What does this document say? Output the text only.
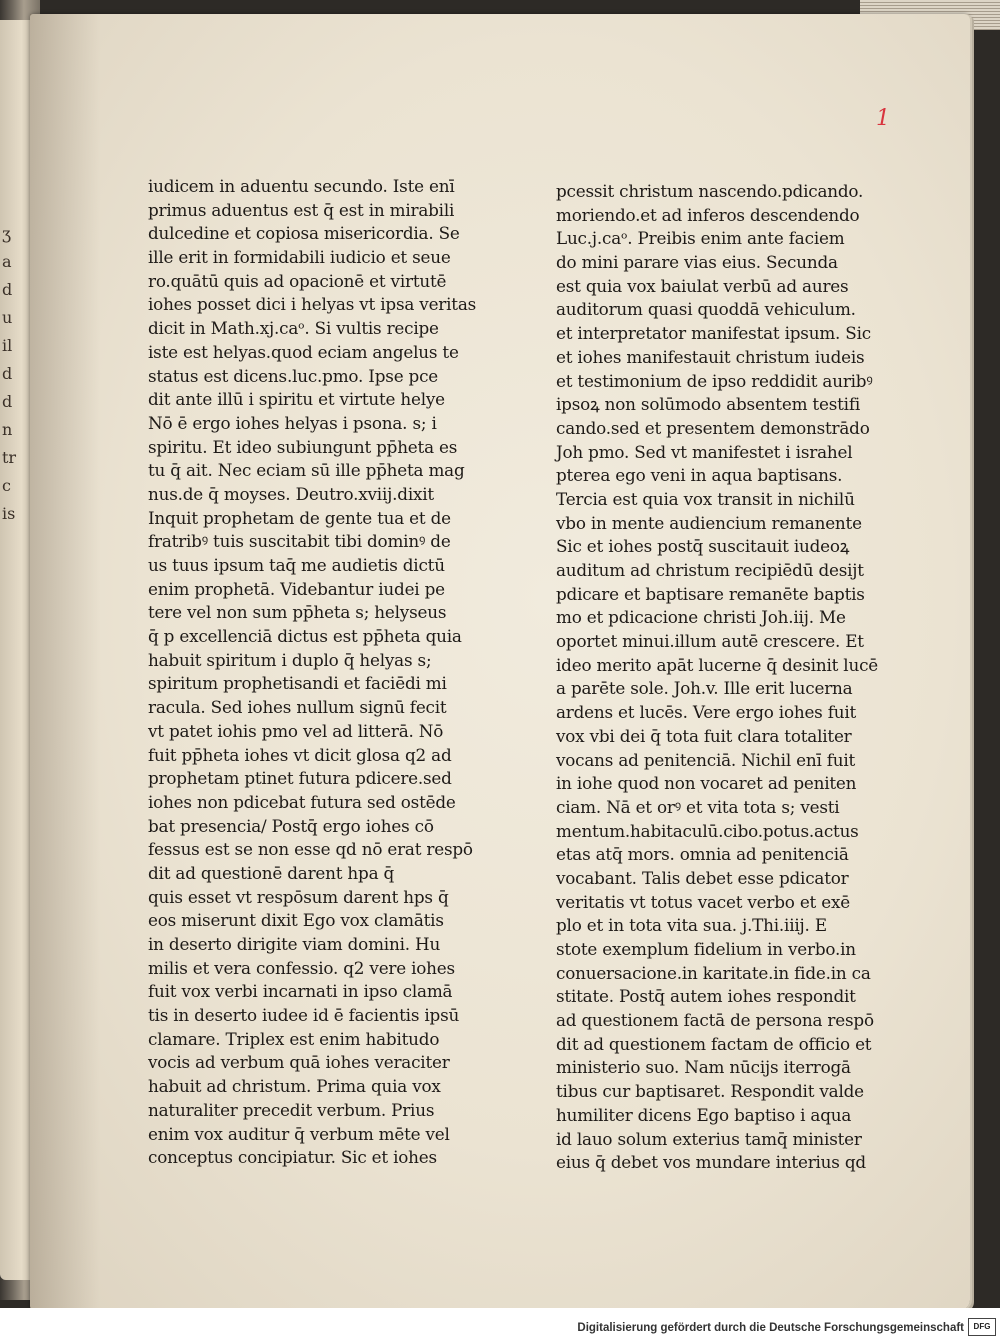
ʒ
a
d
u
il
d
d
n
tr
c
is
1
iudicem in aduentu secundo. Iste enī
primus aduentus est q̄ est in mirabili
dulcedine et copiosa misericordia. Se
ille erit in formidabili iudicio et seue
ro.quātū quis ad opacionē et virtutē
iohes posset dici i helyas vt ipsa veritas
dicit in Math.xj.caᵒ. Si vultis recipe
iste est helyas.quod eciam angelus te
status est dicens.luc.pmo. Ipse pce
dit ante illū i spiritu et virtute helye
Nō ē ergo iohes helyas i psona. s; i
spiritu. Et ideo subiungunt pp̄heta es
tu q̄ ait. Nec eciam sū ille pp̄heta mag
nus.de q̄ moyses. Deutro.xviij.dixit
Inquit prophetam de gente tua et de
fratribꝰ tuis suscitabit tibi dominꝰ de
us tuus ipsum taq̄ me audietis dictū
enim prophetā. Videbantur iudei pe
tere vel non sum pp̄heta s; helyseus
q̄ p excellenciā dictus est pp̄heta quia
habuit spiritum i duplo q̄ helyas s;
spiritum prophetisandi et faciēdi mi
racula. Sed iohes nullum signū fecit
vt patet iohis pmo vel ad litterā. Nō
fuit pp̄heta iohes vt dicit glosa q2 ad
prophetam ptinet futura pdicere.sed
iohes non pdicebat futura sed ostēde
bat presencia/ Postq̄ ergo iohes cō
fessus est se non esse qd nō erat respō
dit ad questionē darent hpa q̄
quis esset vt respōsum darent hps q̄
eos miserunt dixit Ego vox clamātis
in deserto dirigite viam domini. Hu
milis et vera confessio. q2 vere iohes
fuit vox verbi incarnati in ipso clamā
tis in deserto iudee id ē facientis ipsū
clamare. Triplex est enim habitudo
vocis ad verbum quā iohes veraciter
habuit ad christum. Prima quia vox
naturaliter precedit verbum. Prius
enim vox auditur q̄ verbum mēte vel
conceptus concipiatur. Sic et iohes
pcessit christum nascendo.pdicando.
moriendo.et ad inferos descendendo
Luc.j.caᵒ. Preibis enim ante faciem
do mini parare vias eius. Secunda
est quia vox baiulat verbū ad aures
auditorum quasi quoddā vehiculum.
et interpretator manifestat ipsum. Sic
et iohes manifestauit christum iudeis
et testimonium de ipso reddidit auribꝰ
ipsoꝝ non solūmodo absentem testifi
cando.sed et presentem demonstrādo
Joh pmo. Sed vt manifestet i israhel
ptereа ego veni in aqua baptisans.
Tercia est quia vox transit in nichilū
vbo in mente audiencium remanente
Sic et iohes postq̄ suscitauit iudeoꝝ
auditum ad christum recipiēdū desijt
pdicare et baptisare remanēte baptis
mo et pdicacione christi Joh.iij. Me
oportet minui.illum autē crescere. Et
ideo merito apāt lucerne q̄ desinit lucē
a parēte sole. Joh.v. Ille erit lucerna
ardens et lucēs. Vere ergo iohes fuit
vox vbi dei q̄ tota fuit clara totaliter
vocans ad penitenciā. Nichil enī fuit
in iohe quod non vocaret ad peniten
ciam. Nā et orꝰ et vita tota s; vesti
mentum.habitaculū.cibo.potus.actus
etas atq̄ mors. omnia ad penitenciā
vocabant. Talis debet esse pdicator
veritatis vt totus vacet verbo et exē
plo et in tota vita sua. j.Thi.iiij. E
stote exemplum fidelium in verbo.in
conuersacione.in karitate.in fide.in ca
stitate. Postq̄ autem iohes respondit
ad questionem factā de persona respō
dit ad questionem factam de officio et
ministerio suo. Nam nūcijs iterrogā
tibus cur baptisaret. Respondit valde
humiliter dicens Ego baptiso i aqua
id lauo solum exterius tamq̄ minister
eius q̄ debet vos mundare interius qd
Digitalisierung gefördert durch die Deutsche Forschungsgemeinschaft	DFG
